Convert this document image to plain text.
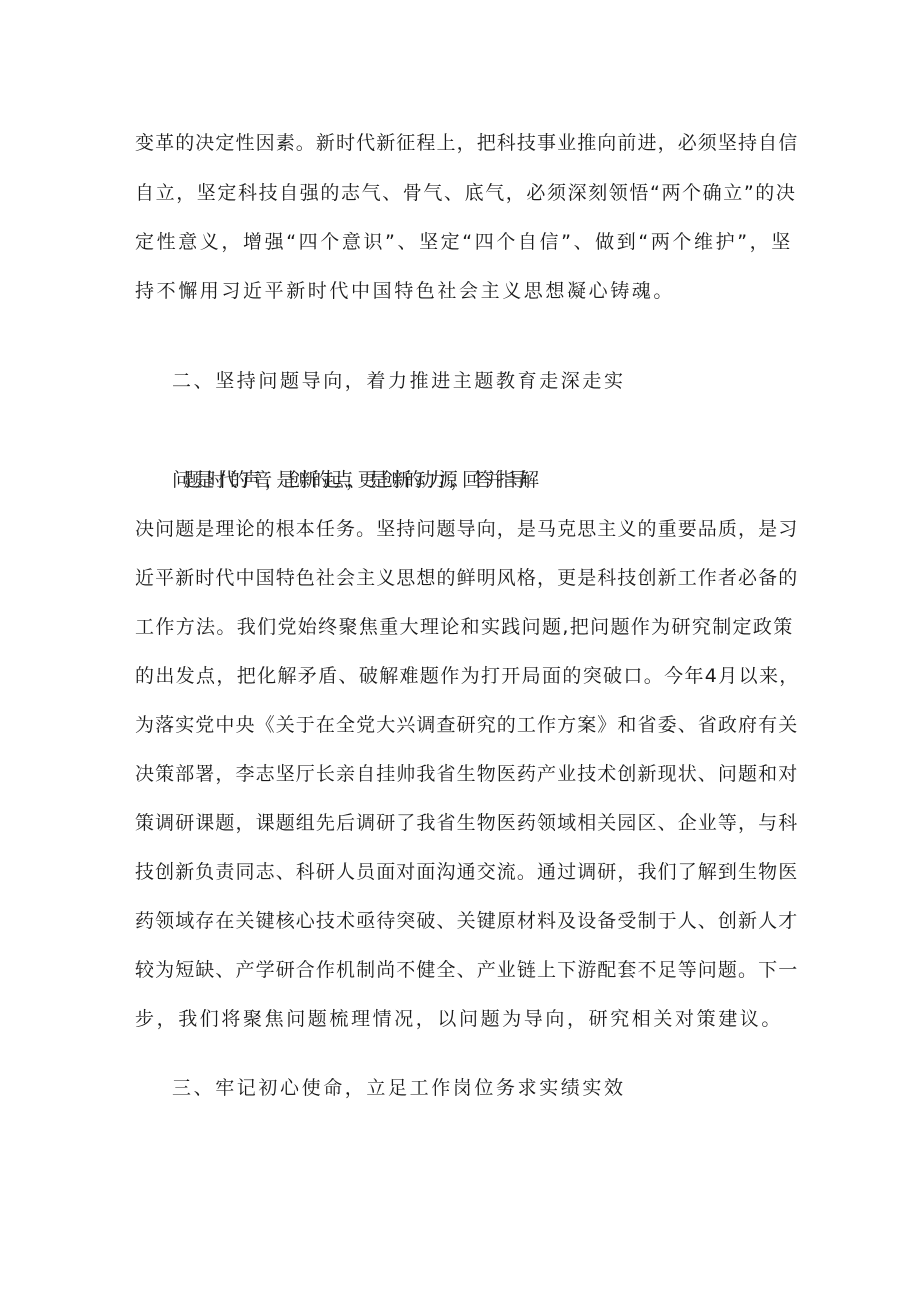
变革的决定性因素。新时代新征程上，把科技事业推向前进，必须坚持自信
自立，坚定科技自强的志气、骨气、底气，必须深刻领悟“两个确立”的决
定性意义，增强“四个意识”、坚定“四个自信”、做到“两个维护”，坚
持不懈用习近平新时代中国特色社会主义思想凝心铸魂。
二、坚持问题导向，着力推进主题教育走深走实
问题是时代的声音，是创新的起点，更是创新的动力源，回答并指导解
决问题是理论的根本任务。坚持问题导向，是马克思主义的重要品质，是习
近平新时代中国特色社会主义思想的鲜明风格，更是科技创新工作者必备的
工作方法。我们党始终聚焦重大理论和实践问题,把问题作为研究制定政策
的出发点，把化解矛盾、破解难题作为打开局面的突破口。今年4月以来，
为落实党中央《关于在全党大兴调查研究的工作方案》和省委、省政府有关
决策部署，李志坚厅长亲自挂帅我省生物医药产业技术创新现状、问题和对
策调研课题，课题组先后调研了我省生物医药领域相关园区、企业等，与科
技创新负责同志、科研人员面对面沟通交流。通过调研，我们了解到生物医
药领域存在关键核心技术亟待突破、关键原材料及设备受制于人、创新人才
较为短缺、产学研合作机制尚不健全、产业链上下游配套不足等问题。下一
步，我们将聚焦问题梳理情况，以问题为导向，研究相关对策建议。
三、牢记初心使命，立足工作岗位务求实绩实效
